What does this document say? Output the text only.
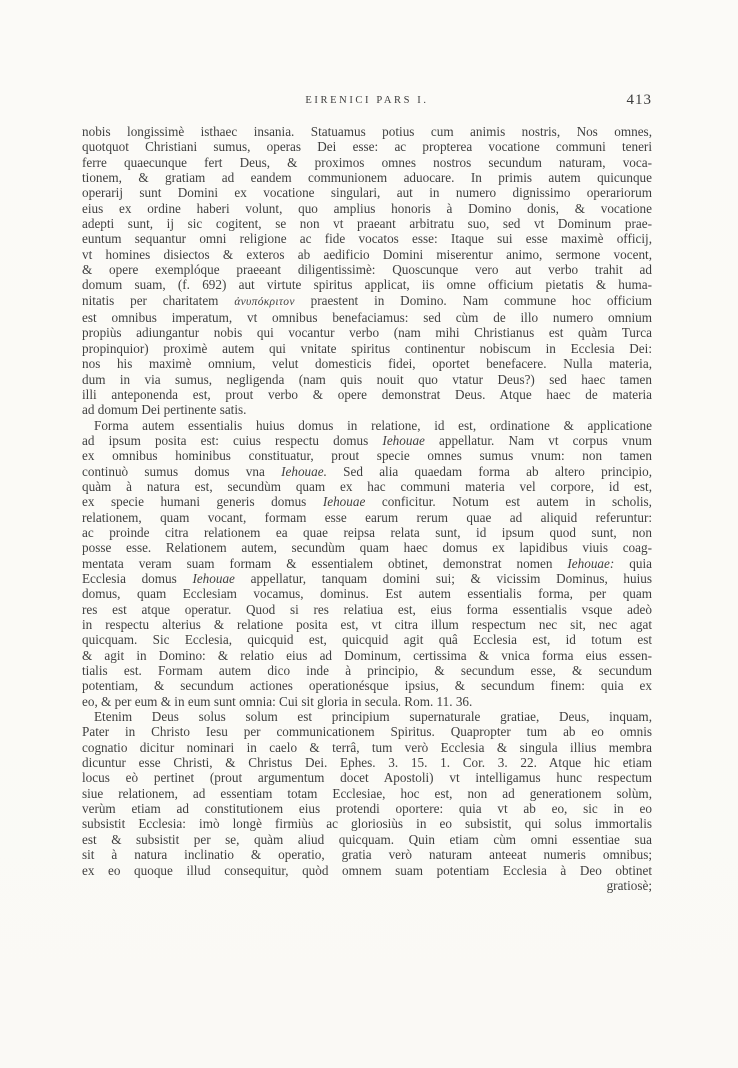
EIRENICI PARS I.	413

nobis longissimè isthaec insania. Statuamus potius cum animis nostris, Nos omnes,

quotquot Christiani sumus, operas Dei esse: ac propterea vocatione communi teneri

ferre quaecunque fert Deus, & proximos omnes nostros secundum naturam, voca-

tionem, & gratiam ad eandem communionem aduocare. In primis autem quicunque

operarij sunt Domini ex vocatione singulari, aut in numero dignissimo operariorum

eius ex ordine haberi volunt, quo amplius honoris à Domino donis, & vocatione

adepti sunt, ij sic cogitent, se non vt praeant arbitratu suo, sed vt Dominum prae-

euntum sequantur omni religione ac fide vocatos esse: Itaque sui esse maximè officij,

vt homines disiectos & exteros ab aedificio Domini miserentur animo, sermone vocent,

& opere exemplóque praeeant diligentissimè: Quoscunque vero aut verbo trahit ad

domum suam, (f. 692) aut virtute spiritus applicat, iis omne officium pietatis & huma-

nitatis per charitatem ἀνυπόκριτον praestent in Domino. Nam commune hoc officium

est omnibus imperatum, vt omnibus benefaciamus: sed cùm de illo numero omnium

propiùs adiungantur nobis qui vocantur verbo (nam mihi Christianus est quàm Turca

propinquior) proximè autem qui vnitate spiritus continentur nobiscum in Ecclesia Dei:

nos his maximè omnium, velut domesticis fidei, oportet benefacere. Nulla materia,

dum in via sumus, negligenda (nam quis nouit quo vtatur Deus?) sed haec tamen

illi anteponenda est, prout verbo & opere demonstrat Deus. Atque haec de materia

ad domum Dei pertinente satis.

Forma autem essentialis huius domus in relatione, id est, ordinatione & applicatione

ad ipsum posita est: cuius respectu domus Iehouae appellatur. Nam vt corpus vnum

ex omnibus hominibus constituatur, prout specie omnes sumus vnum: non tamen

continuò sumus domus vna Iehouae. Sed alia quaedam forma ab altero principio,

quàm à natura est, secundùm quam ex hac communi materia vel corpore, id est,

ex specie humani generis domus Iehouae conficitur. Notum est autem in scholis,

relationem, quam vocant, formam esse earum rerum quae ad aliquid referuntur:

ac proinde citra relationem ea quae reipsa relata sunt, id ipsum quod sunt, non

posse esse. Relationem autem, secundùm quam haec domus ex lapidibus viuis coag-

mentata veram suam formam & essentialem obtinet, demonstrat nomen Iehouae: quia

Ecclesia domus Iehouae appellatur, tanquam domini sui; & vicissim Dominus, huius

domus, quam Ecclesiam vocamus, dominus. Est autem essentialis forma, per quam

res est atque operatur. Quod si res relatiua est, eius forma essentialis vsque adeò

in respectu alterius & relatione posita est, vt citra illum respectum nec sit, nec agat

quicquam. Sic Ecclesia, quicquid est, quicquid agit quâ Ecclesia est, id totum est

& agit in Domino: & relatio eius ad Dominum, certissima & vnica forma eius essen-

tialis est. Formam autem dico inde à principio, & secundum esse, & secundum

potentiam, & secundum actiones operationésque ipsius, & secundum finem: quia ex

eo, & per eum & in eum sunt omnia: Cui sit gloria in secula. Rom. 11. 36.

Etenim Deus solus solum est principium supernaturale gratiae, Deus, inquam,

Pater in Christo Iesu per communicationem Spiritus. Quapropter tum ab eo omnis

cognatio dicitur nominari in caelo & terrâ, tum verò Ecclesia & singula illius membra

dicuntur esse Christi, & Christus Dei. Ephes. 3. 15. 1. Cor. 3. 22. Atque hic etiam

locus eò pertinet (prout argumentum docet Apostoli) vt intelligamus hunc respectum

siue relationem, ad essentiam totam Ecclesiae, hoc est, non ad generationem solùm,

verùm etiam ad constitutionem eius protendi oportere: quia vt ab eo, sic in eo

subsistit Ecclesia: imò longè firmiùs ac gloriosiùs in eo subsistit, qui solus immortalis

est & subsistit per se, quàm aliud quicquam. Quin etiam cùm omni essentiae sua

sit à natura inclinatio & operatio, gratia verò naturam anteeat numeris omnibus;

ex eo quoque illud consequitur, quòd omnem suam potentiam Ecclesia à Deo obtinet

gratiosè;
